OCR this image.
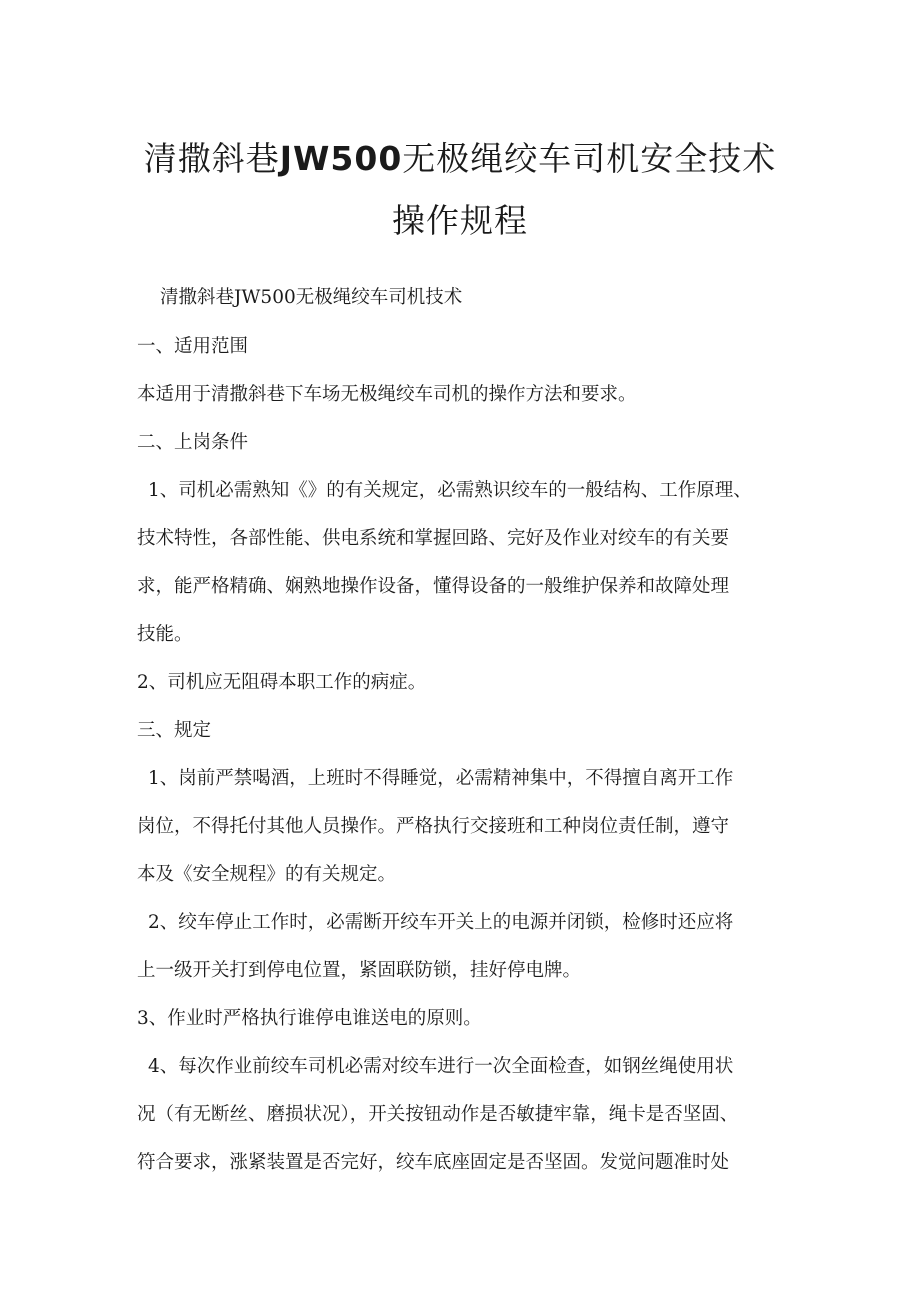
清撒斜巷JW500无极绳绞车司机安全技术
操作规程
清撒斜巷JW500无极绳绞车司机技术
一、适用范围
本适用于清撒斜巷下车场无极绳绞车司机的操作方法和要求。
二、上岗条件
1、司机必需熟知《》的有关规定，必需熟识绞车的一般结构、工作原理、
技术特性，各部性能、供电系统和掌握回路、完好及作业对绞车的有关要
求，能严格精确、娴熟地操作设备，懂得设备的一般维护保养和故障处理
技能。
2、司机应无阻碍本职工作的病症。
三、规定
1、岗前严禁喝酒，上班时不得睡觉，必需精神集中，不得擅自离开工作
岗位，不得托付其他人员操作。严格执行交接班和工种岗位责任制，遵守
本及《安全规程》的有关规定。
2、绞车停止工作时，必需断开绞车开关上的电源并闭锁，检修时还应将
上一级开关打到停电位置，紧固联防锁，挂好停电牌。
3、作业时严格执行谁停电谁送电的原则。
4、每次作业前绞车司机必需对绞车进行一次全面检查，如钢丝绳使用状
况（有无断丝、磨损状况），开关按钮动作是否敏捷牢靠，绳卡是否坚固、
符合要求，涨紧装置是否完好，绞车底座固定是否坚固。发觉问题准时处
